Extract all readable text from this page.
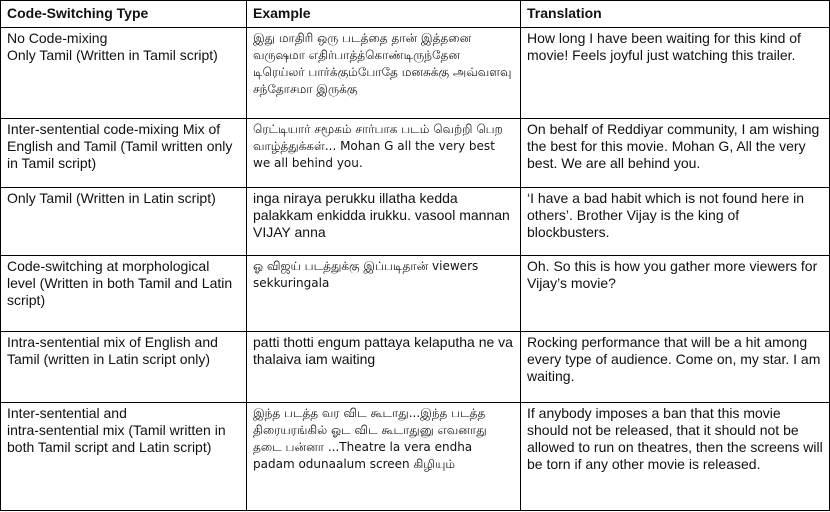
Code-Switching Type	Example	Translation

No Code-mixing
Only Tamil (Written in Tamil script)	இது மாதிரி ஒரு படத்தை தான் இத்தனை வருஷமா எதிர்பாத்த்கொண்டிருந்தேன டிரெய்லர் பார்க்கும்போதே மனசுக்கு அவ்வளவு சந்தோசமா இருக்கு	How long I have been waiting for this kind of movie! Feels joyful just watching this trailer.

Inter-sentential code-mixing Mix of English and Tamil (Tamil written only in Tamil script)	ரெட்டியார் சமூகம் சார்பாக படம் வெற்றி பெற வாழ்த்துக்கள்... Mohan G all the very best we all behind you.	On behalf of Reddiyar community, I am wishing the best for this movie. Mohan G, All the very best. We are all behind you.

Only Tamil (Written in Latin script)	inga niraya perukku illatha kedda palakkam enkidda irukku. vasool mannan VIJAY anna	‘I have a bad habit which is not found here in others’. Brother Vijay is the king of blockbusters.

Code-switching at morphological level (Written in both Tamil and Latin script)	ஓ விஜய் படத்துக்கு இப்படிதான் viewers sekkuringala	Oh. So this is how you gather more viewers for Vijay’s movie?

Intra-sentential mix of English and Tamil (written in Latin script only)	patti thotti engum pattaya kelaputha ne va thalaiva iam waiting	Rocking performance that will be a hit among every type of audience. Come on, my star. I am waiting.

Inter-sentential and
intra-sentential mix (Tamil written in both Tamil script and Latin script)	இந்த படத்த வர விட கூடாது...இந்த படத்த திரையரங்கில் ஓட விட கூடாதுனு எவனாது தடை பன்னா ...Theatre la vera endha padam odunaalum screen கிழியும்	If anybody imposes a ban that this movie should not be released, that it should not be allowed to run on theatres, then the screens will be torn if any other movie is released.
